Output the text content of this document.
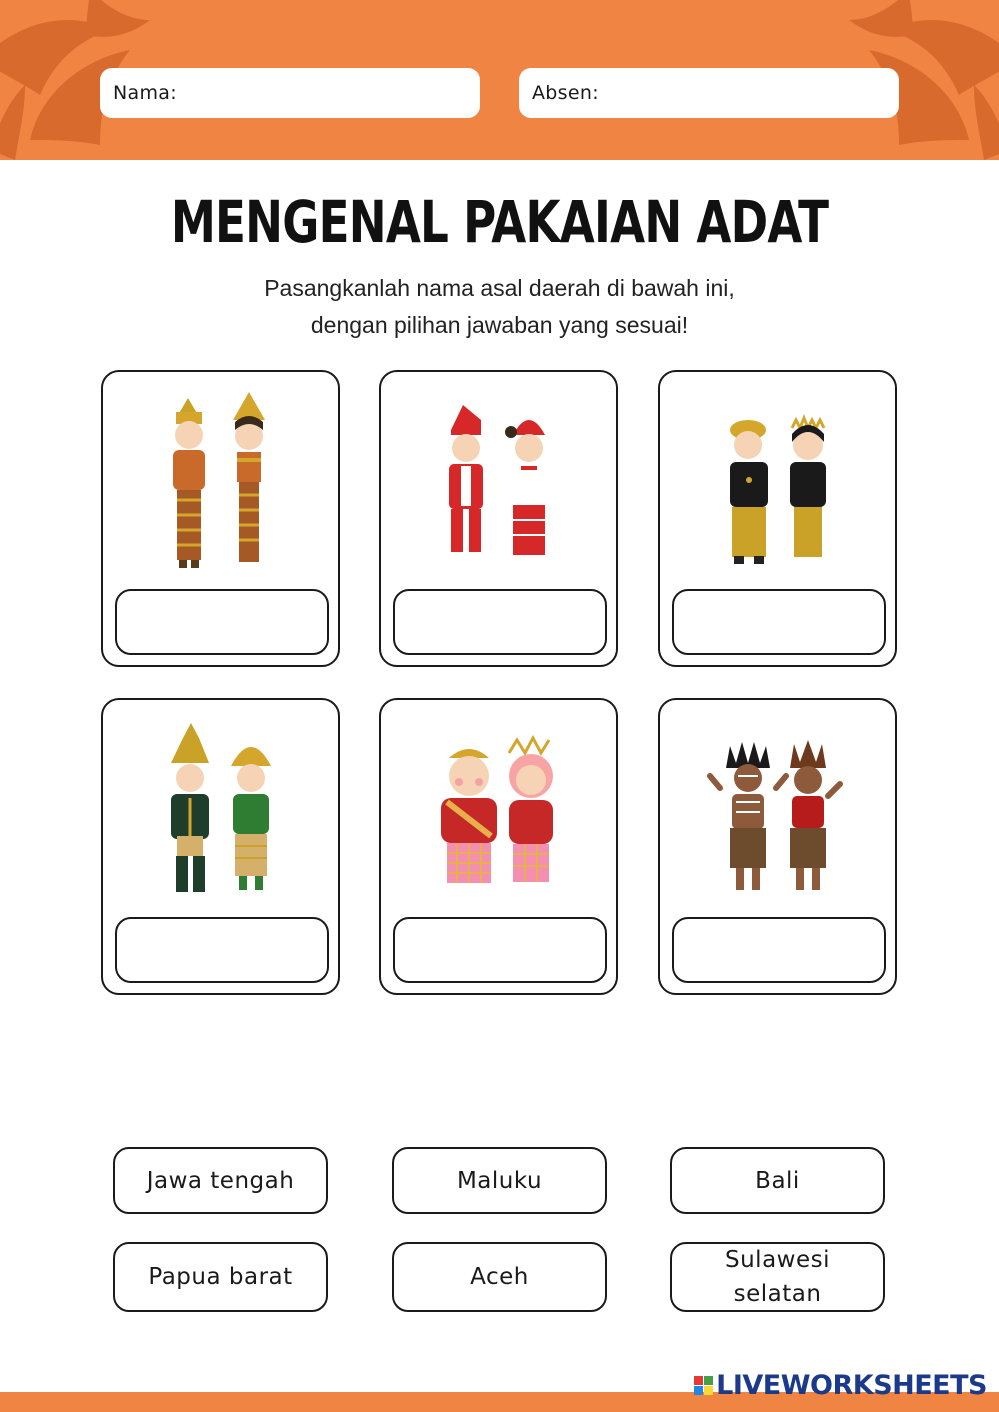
Nama:	Absen:
MENGENAL PAKAIAN ADAT
Pasangkanlah nama asal daerah di bawah ini,
dengan pilihan jawaban yang sesuai!
Jawa tengah	Maluku	Bali
Papua barat	Aceh
Sulawesi selatan
LIVEWORKSHEETS
